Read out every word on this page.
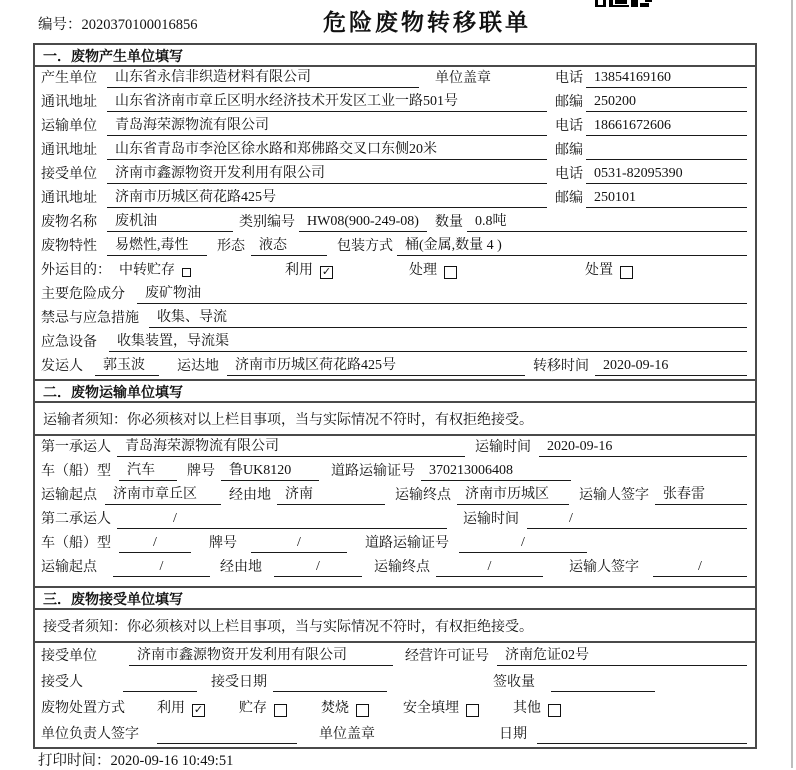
编号：2020370100016856	危险废物转移联单
一．废物产生单位填写
产生单位	山东省永信非织造材料有限公司	单位盖章	电话 13854169160
通讯地址	山东省济南市章丘区明水经济技术开发区工业一路501号	邮编 250200
运输单位	青岛海荣源物流有限公司	电话 18661672606
通讯地址	山东省青岛市李沧区徐水路和郑佛路交叉口东侧20米	邮编
接受单位	济南市鑫源物资开发利用有限公司	电话 0531-82095390
通讯地址	济南市历城区荷花路425号	邮编 250101
废物名称	废机油	类别编号 HW08(900-249-08)	数量 0.8吨
废物特性	易燃性,毒性	形态	液态	包装方式 桶(金属,数量 4 )
外运目的： 中转贮存	利用 ✓	处理	处置
主要危险成分	废矿物油
禁忌与应急措施	收集、导流
应急设备	收集装置，导流渠
发运人	郭玉波	运达地	济南市历城区荷花路425号	转移时间	2020-09-16
二．废物运输单位填写
运输者须知：你必须核对以上栏目事项，当与实际情况不符时，有权拒绝接受。
第一承运人	青岛海荣源物流有限公司	运输时间	2020-09-16
车（船）型	汽车	牌号	鲁UK8120	道路运输证号	370213006408
运输起点	济南市章丘区	经由地	济南	运输终点	济南市历城区	运输人签字	张春雷
第二承运人	/	运输时间	/
车（船）型	/	牌号	/	道路运输证号	/
运输起点	/	经由地	/	运输终点	/	运输人签字	/
三．废物接受单位填写
接受者须知：你必须核对以上栏目事项，当与实际情况不符时，有权拒绝接受。
接受单位	济南市鑫源物资开发利用有限公司	经营许可证号	济南危证02号
接受人	接受日期	签收量
废物处置方式	利用 ✓	贮存	焚烧	安全填埋	其他
单位负责人签字	单位盖章	日期
打印时间：2020-09-16 10:49:51
